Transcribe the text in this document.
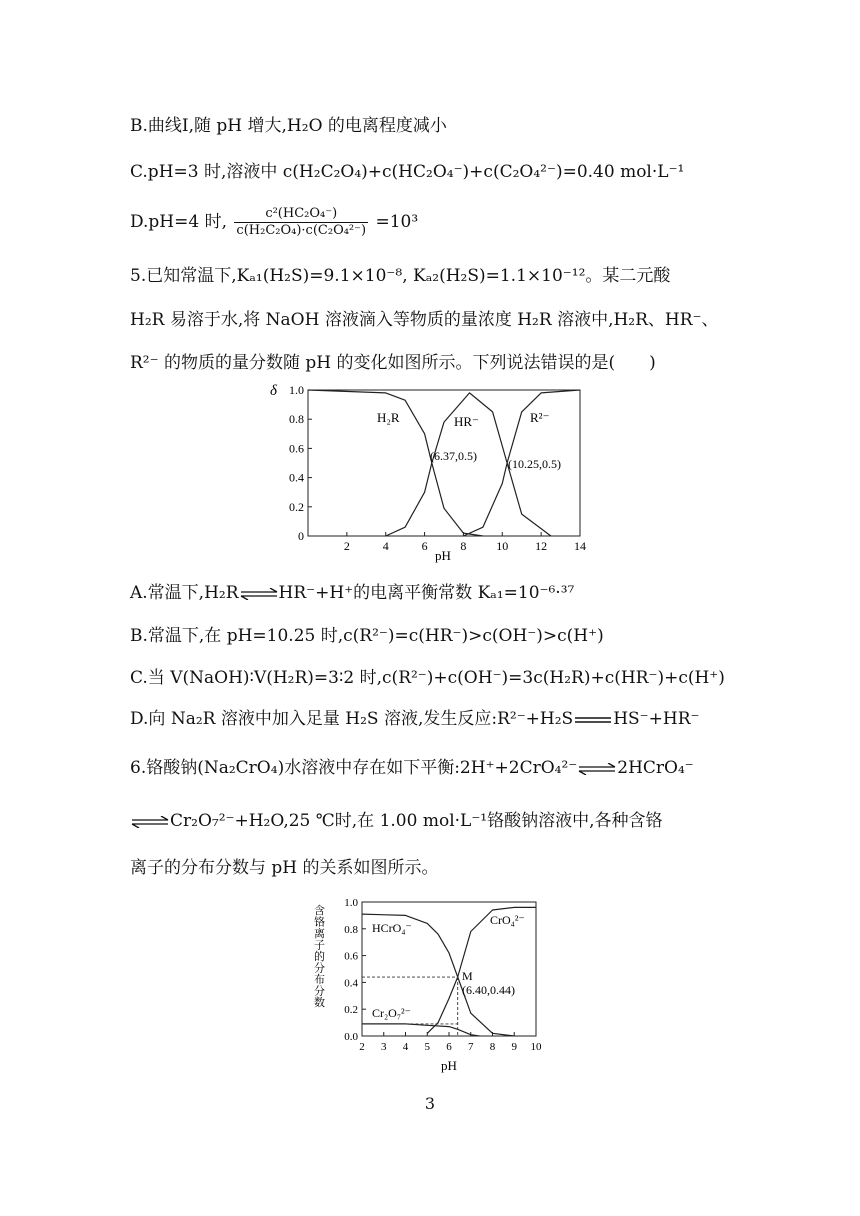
B.曲线Ⅰ,随 pH 增大,H₂O 的电离程度减小
C.pH=3 时,溶液中 c(H₂C₂O₄)+c(HC₂O₄⁻)+c(C₂O₄²⁻)=0.40 mol·L⁻¹
D.pH=4 时, $\frac{\text{c²(HC₂O₄⁻)}}{\text{c(H₂C₂O₄)·c(C₂O₄²⁻)}} =10^3$
5.已知常温下,Kₐ₁(H₂S)=9.1×10⁻⁸, Kₐ₂(H₂S)=1.1×10⁻¹²。某二元酸
H₂R 易溶于水,将 NaOH 溶液滴入等物质的量浓度 H₂R 溶液中,H₂R、HR⁻、
R²⁻ 的物质的量分数随 pH 的变化如图所示。下列说法错误的是(　　)
1.0
0.8
0.6
0.4
0.2
0
2	4	6	8 10 12 14
δ
pH
H₂R	HR⁻	R²⁻
(6.37,0.5)
(10.25,0.5)
A.常温下,H₂R⇌HR⁻+H⁺的电离平衡常数 Kₐ₁=10⁻⁶·³⁷
B.常温下,在 pH=10.25 时,c(R²⁻)=c(HR⁻)>c(OH⁻)>c(H⁺)
C.当 V(NaOH)∶V(H₂R)=3∶2 时,c(R²⁻)+c(OH⁻)=3c(H₂R)+c(HR⁻)+c(H⁺)
D.向 Na₂R 溶液中加入足量 H₂S 溶液,发生反应:R²⁻+H₂S HS⁻+HR⁻
6.铬酸钠(Na₂CrO₄)水溶液中存在如下平衡:2H⁺+2CrO₄²⁻⇌2HCrO₄⁻
⇌Cr₂O₇²⁻+H₂O,25 ℃时,在 1.00 mol·L⁻¹铬酸钠溶液中,各种含铬
离子的分布分数与 pH 的关系如图所示。
1.0
0.8
0.6
0.4
0.2
0.0
2 3 4 5 6 7 8 9 10
含铬离子的分布分数
pH
HCrO₄⁻
CrO₄²⁻
Cr₂O₇²⁻
M
(6.40,0.44)
3
